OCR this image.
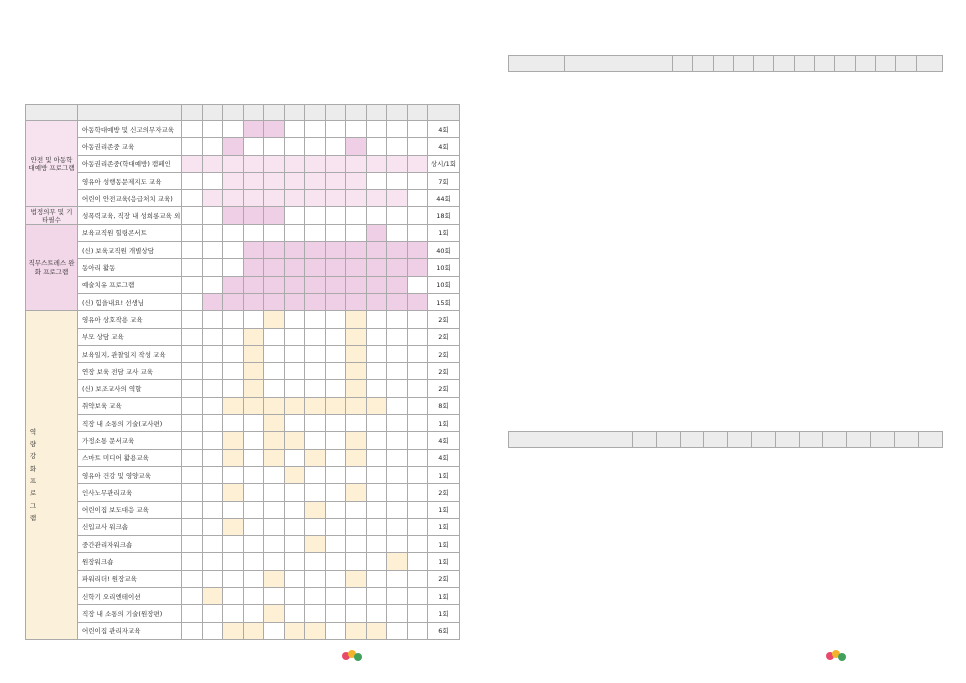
안전 및 아동학대예방 프로그램	아동학대예방 및 신고의무자교육													4회
	아동권리존중 교육													4회
	아동권리존중(학대예방) 캠페인													상시/1회
	영유아 성행동문제지도 교육													7회
	어린이 안전교육(응급처치 교육)													44회
법정의무 및 기타필수	성폭력교육, 직장 내 성희롱교육 외													18회
직무스트레스 완화 프로그램	보육교직원 힐링콘서트													1회
	(신) 보육교직원 개별상담													40회
	동아리 활동													10회
	예술치유 프로그램													10회
	(신) 힘을내요! 선생님													15회

역량강화 프로그램	영유아 상호작용 교육													2회
	부모 상담 교육													2회
	보육일지, 관찰일지 작성 교육													2회
	연장 보육 전담 교사 교육													2회
	(신) 보조교사의 역할													2회
	취약보육 교육													8회
	직장 내 소통의 기술(교사편)													1회
	가정소통 문서교육													4회
	스마트 미디어 활용교육													4회
	영유아 건강 및 영양교육													1회
	인사노무관리교육													2회
	어린이집 보도대응 교육													1회
	신입교사 워크숍													1회
	중간관리자워크숍													1회
	원장워크숍													1회
	파워리더! 원장교육													2회
	신학기 오리엔테이션													1회
	직장 내 소통의 기술(원장편)													1회
	어린이집 관리자교육													6회
